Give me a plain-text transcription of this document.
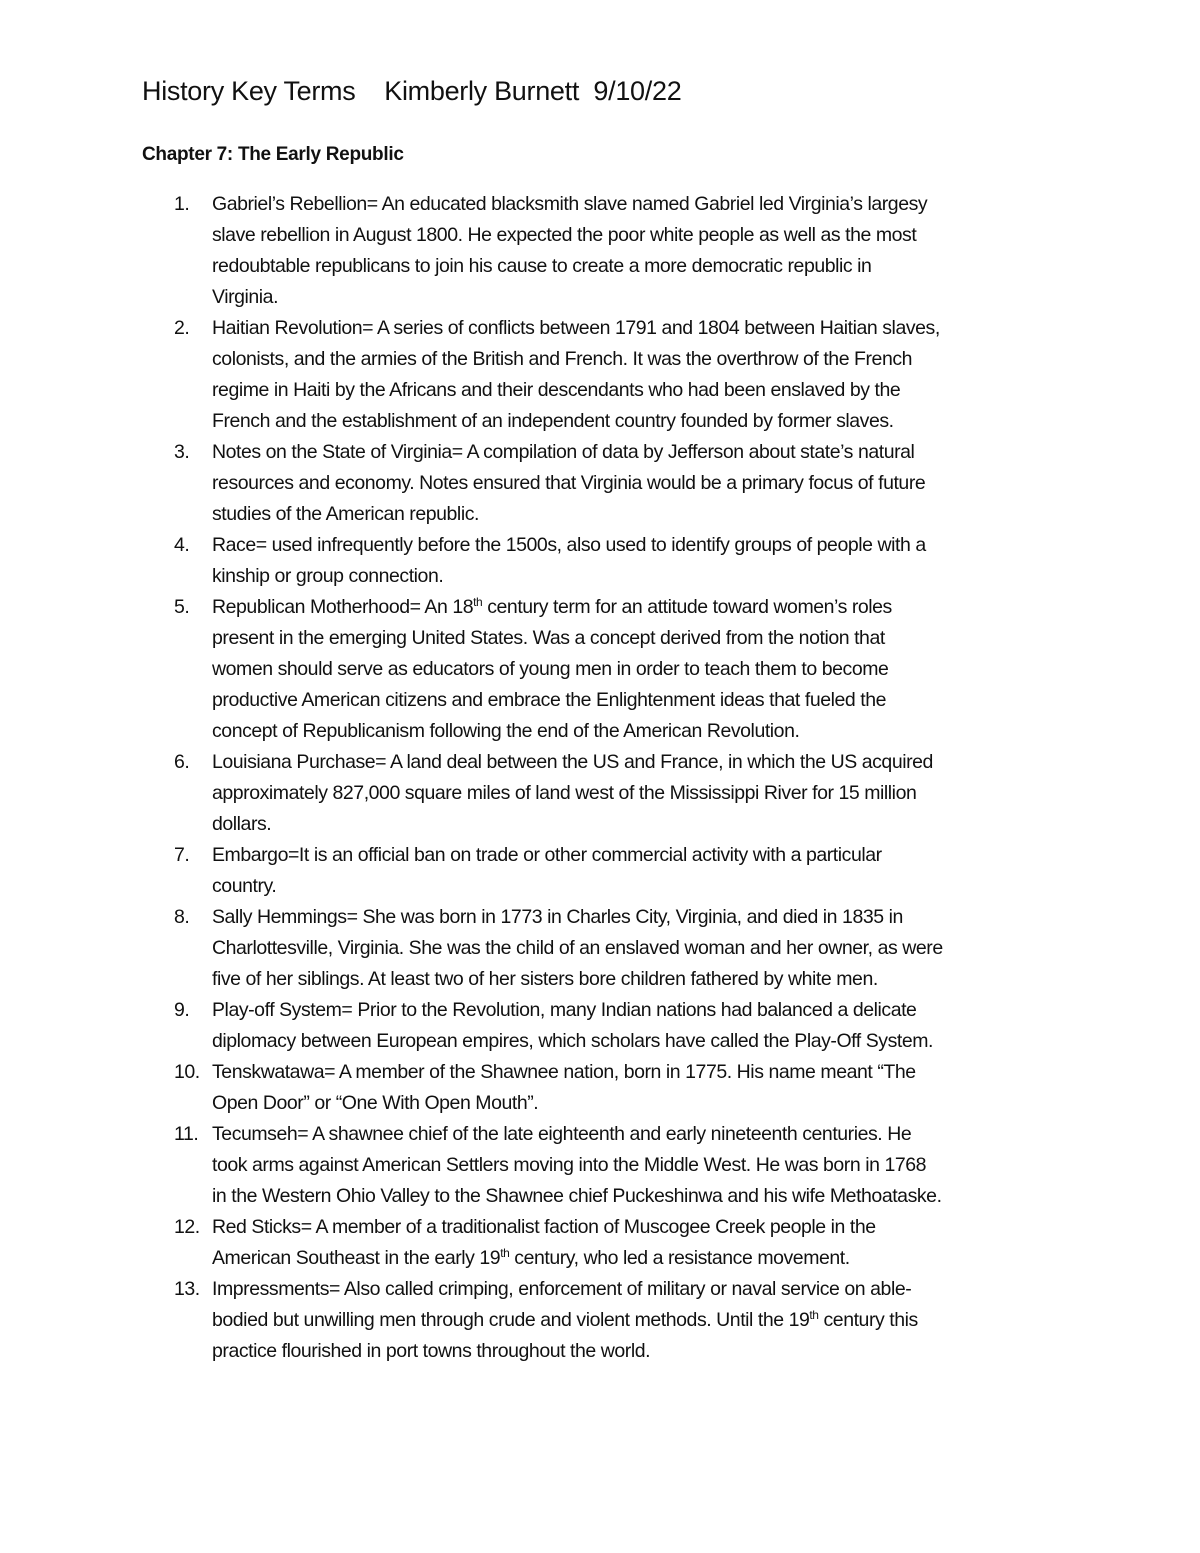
History Key Terms    Kimberly Burnett  9/10/22
Chapter 7: The Early Republic
1.	Gabriel’s Rebellion= An educated blacksmith slave named Gabriel led Virginia’s largesy
slave rebellion in August 1800. He expected the poor white people as well as the most
redoubtable republicans to join his cause to create a more democratic republic in
Virginia.
2.	Haitian Revolution= A series of conflicts between 1791 and 1804 between Haitian slaves,
colonists, and the armies of the British and French. It was the overthrow of the French
regime in Haiti by the Africans and their descendants who had been enslaved by the
French and the establishment of an independent country founded by former slaves.
3.	Notes on the State of Virginia= A compilation of data by Jefferson about state’s natural
resources and economy. Notes ensured that Virginia would be a primary focus of future
studies of the American republic.
4.	Race= used infrequently before the 1500s, also used to identify groups of people with a
kinship or group connection.
5.	Republican Motherhood= An 18th century term for an attitude toward women’s roles
present in the emerging United States. Was a concept derived from the notion that
women should serve as educators of young men in order to teach them to become
productive American citizens and embrace the Enlightenment ideas that fueled the
concept of Republicanism following the end of the American Revolution.
6.	Louisiana Purchase= A land deal between the US and France, in which the US acquired
approximately 827,000 square miles of land west of the Mississippi River for 15 million
dollars.
7.	Embargo=It is an official ban on trade or other commercial activity with a particular
country.
8.	Sally Hemmings= She was born in 1773 in Charles City, Virginia, and died in 1835 in
Charlottesville, Virginia. She was the child of an enslaved woman and her owner, as were
five of her siblings. At least two of her sisters bore children fathered by white men.
9.	Play-off System= Prior to the Revolution, many Indian nations had balanced a delicate
diplomacy between European empires, which scholars have called the Play-Off System.
10. Tenskwatawa= A member of the Shawnee nation, born in 1775. His name meant “The
Open Door” or “One With Open Mouth”.
11. Tecumseh= A shawnee chief of the late eighteenth and early nineteenth centuries. He
took arms against American Settlers moving into the Middle West. He was born in 1768
in the Western Ohio Valley to the Shawnee chief Puckeshinwa and his wife Methoataske.
12. Red Sticks= A member of a traditionalist faction of Muscogee Creek people in the
American Southeast in the early 19th century, who led a resistance movement.
13. Impressments= Also called crimping, enforcement of military or naval service on able-
bodied but unwilling men through crude and violent methods. Until the 19th century this
practice flourished in port towns throughout the world.
